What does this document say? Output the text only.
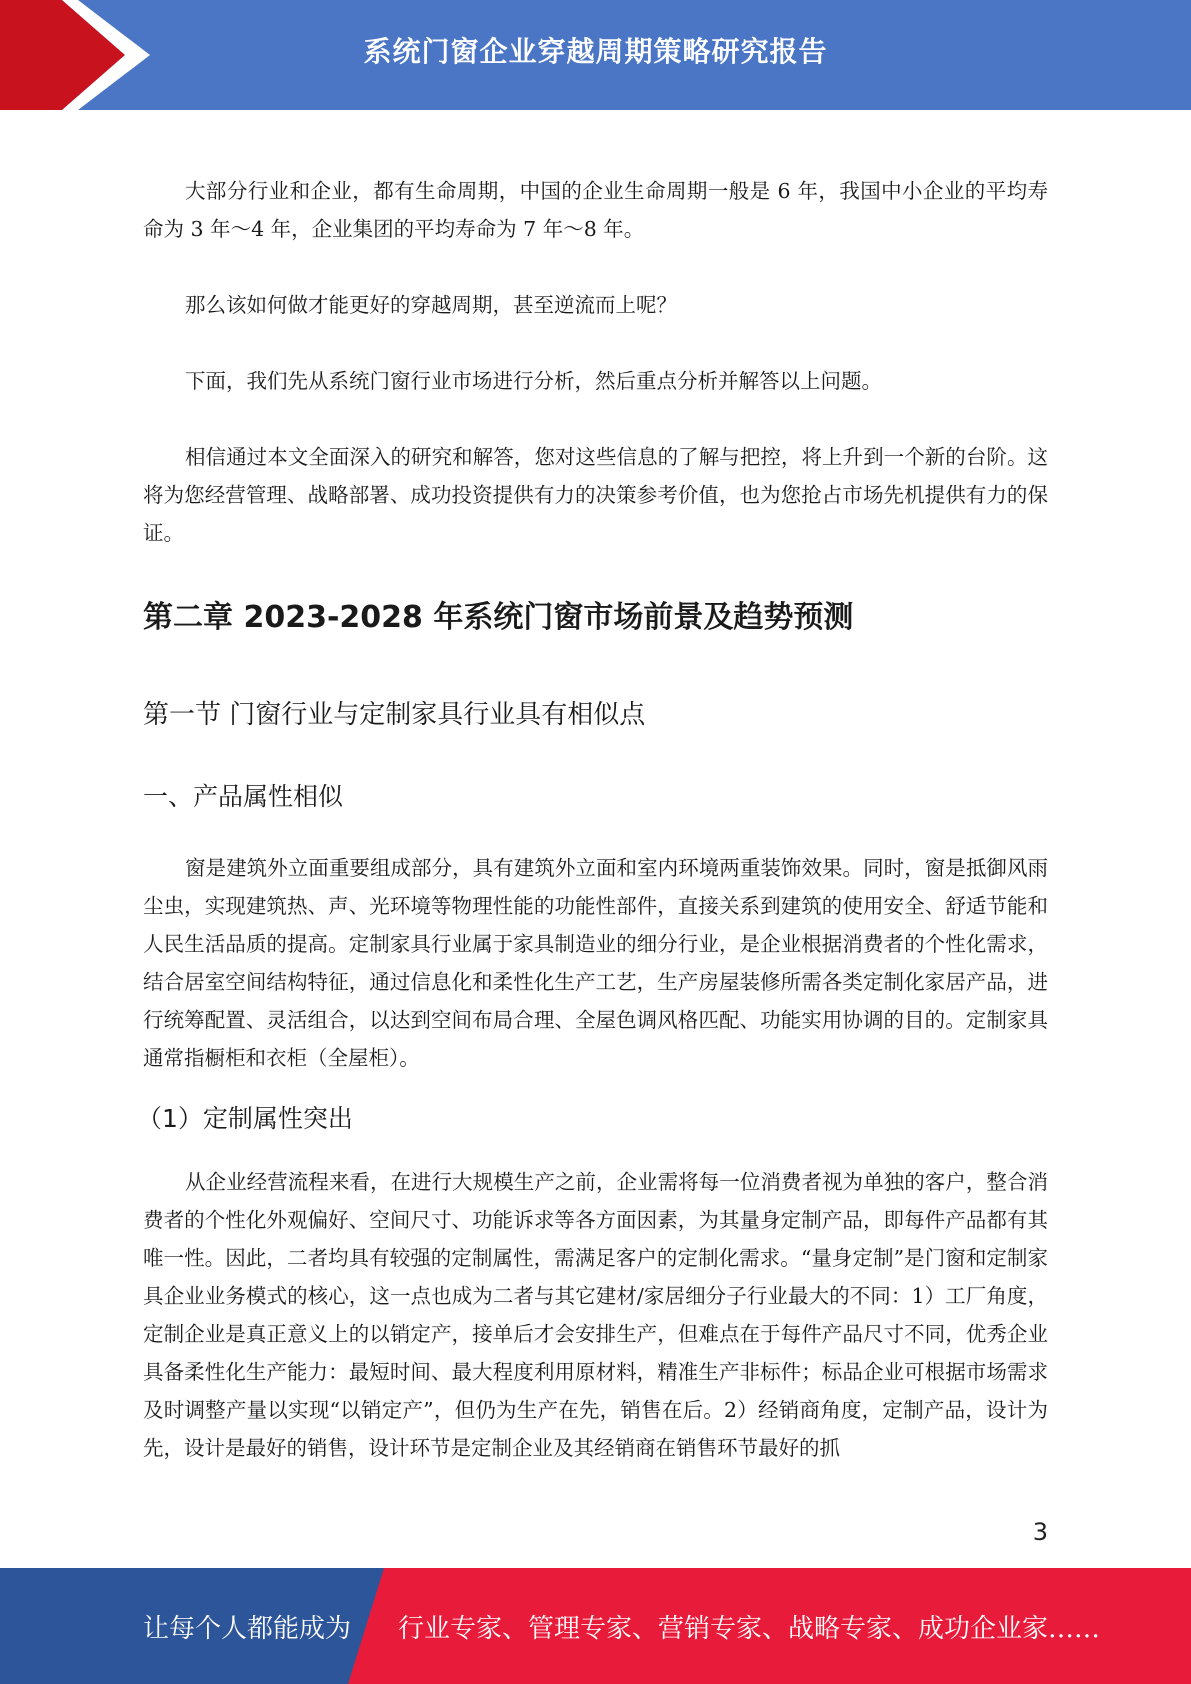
系统门窗企业穿越周期策略研究报告

大部分行业和企业，都有生命周期，中国的企业生命周期一般是 6 年，我国中小企业的平均寿命为 3 年～4 年，企业集团的平均寿命为 7 年～8 年。

那么该如何做才能更好的穿越周期，甚至逆流而上呢？

下面，我们先从系统门窗行业市场进行分析，然后重点分析并解答以上问题。

相信通过本文全面深入的研究和解答，您对这些信息的了解与把控，将上升到一个新的台阶。这将为您经营管理、战略部署、成功投资提供有力的决策参考价值，也为您抢占市场先机提供有力的保证。

第二章 2023-2028 年系统门窗市场前景及趋势预测
第一节 门窗行业与定制家具行业具有相似点
一、产品属性相似

窗是建筑外立面重要组成部分，具有建筑外立面和室内环境两重装饰效果。同时，窗是抵御风雨尘虫，实现建筑热、声、光环境等物理性能的功能性部件，直接关系到建筑的使用安全、舒适节能和人民生活品质的提高。定制家具行业属于家具制造业的细分行业，是企业根据消费者的个性化需求，结合居室空间结构特征，通过信息化和柔性化生产工艺，生产房屋装修所需各类定制化家居产品，进行统筹配置、灵活组合，以达到空间布局合理、全屋色调风格匹配、功能实用协调的目的。定制家具通常指橱柜和衣柜（全屋柜）。

（1）定制属性突出

从企业经营流程来看，在进行大规模生产之前，企业需将每一位消费者视为单独的客户，整合消费者的个性化外观偏好、空间尺寸、功能诉求等各方面因素，为其量身定制产品，即每件产品都有其唯一性。因此，二者均具有较强的定制属性，需满足客户的定制化需求。“量身定制”是门窗和定制家具企业业务模式的核心，这一点也成为二者与其它建材/家居细分子行业最大的不同：1）工厂角度，定制企业是真正意义上的以销定产，接单后才会安排生产，但难点在于每件产品尺寸不同，优秀企业具备柔性化生产能力：最短时间、最大程度利用原材料，精准生产非标件；标品企业可根据市场需求及时调整产量以实现“以销定产”，但仍为生产在先，销售在后。2）经销商角度，定制产品，设计为先，设计是最好的销售，设计环节是定制企业及其经销商在销售环节最好的抓

3
让每个人都能成为 行业专家、管理专家、营销专家、战略专家、成功企业家……
